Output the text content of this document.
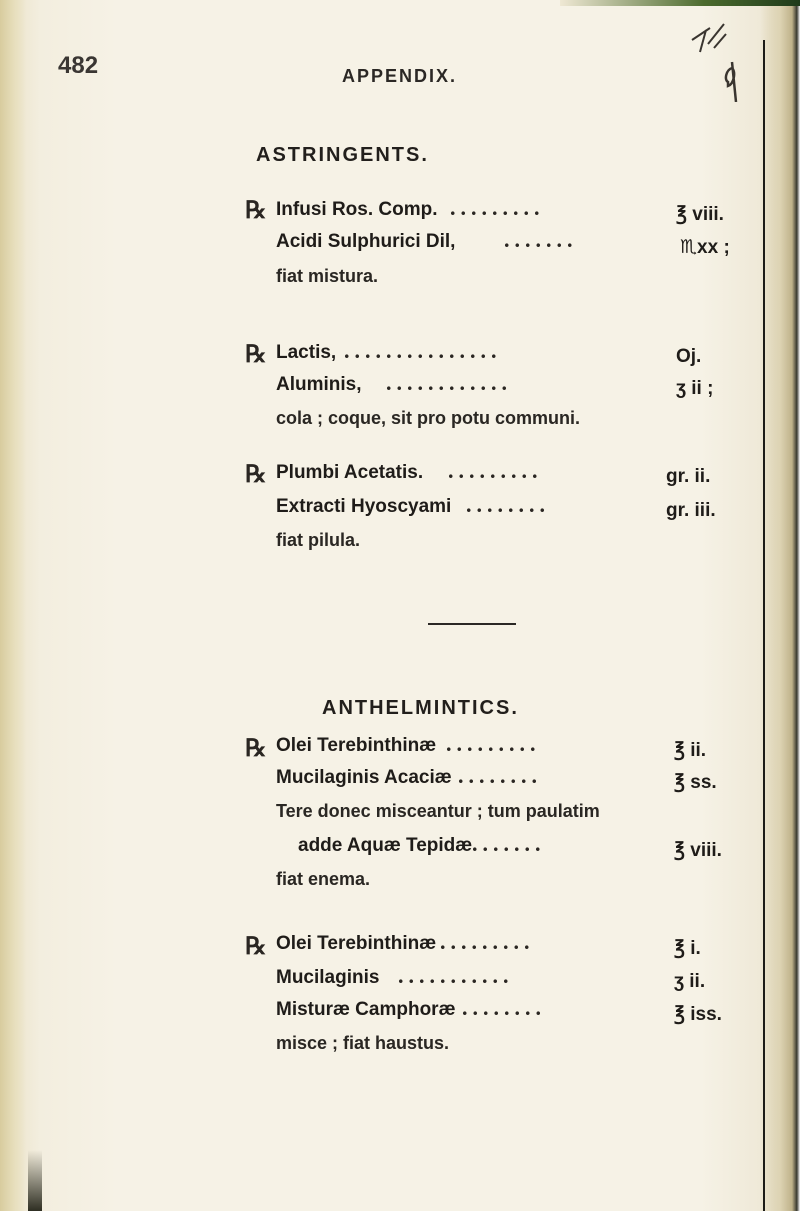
482	APPENDIX.
ASTRINGENTS.
℞ Infusi Ros. Comp. .........	℥ viii.
Acidi Sulphurici Dil, .......	♏xx ;
fiat mistura.
℞ Lactis, ...............	Oj.
Aluminis, ............	ʒ ii ;
cola ; coque, sit pro potu communi.
℞ Plumbi Acetatis. .........	gr. ii.
Extracti Hyoscyami ........	gr. iii.
fiat pilula.
ANTHELMINTICS.
℞ Olei Terebinthinæ .........	℥ ii.
Mucilaginis Acaciæ ........	℥ ss.
Tere donec misceantur ; tum paulatim
adde Aquæ Tepidæ .......	℥ viii.
fiat enema.
℞ Olei Terebinthinæ .........	℥ i.
Mucilaginis ...........	ʒ ii.
Misturæ Camphoræ ........	℥ iss.
misce ; fiat haustus.
